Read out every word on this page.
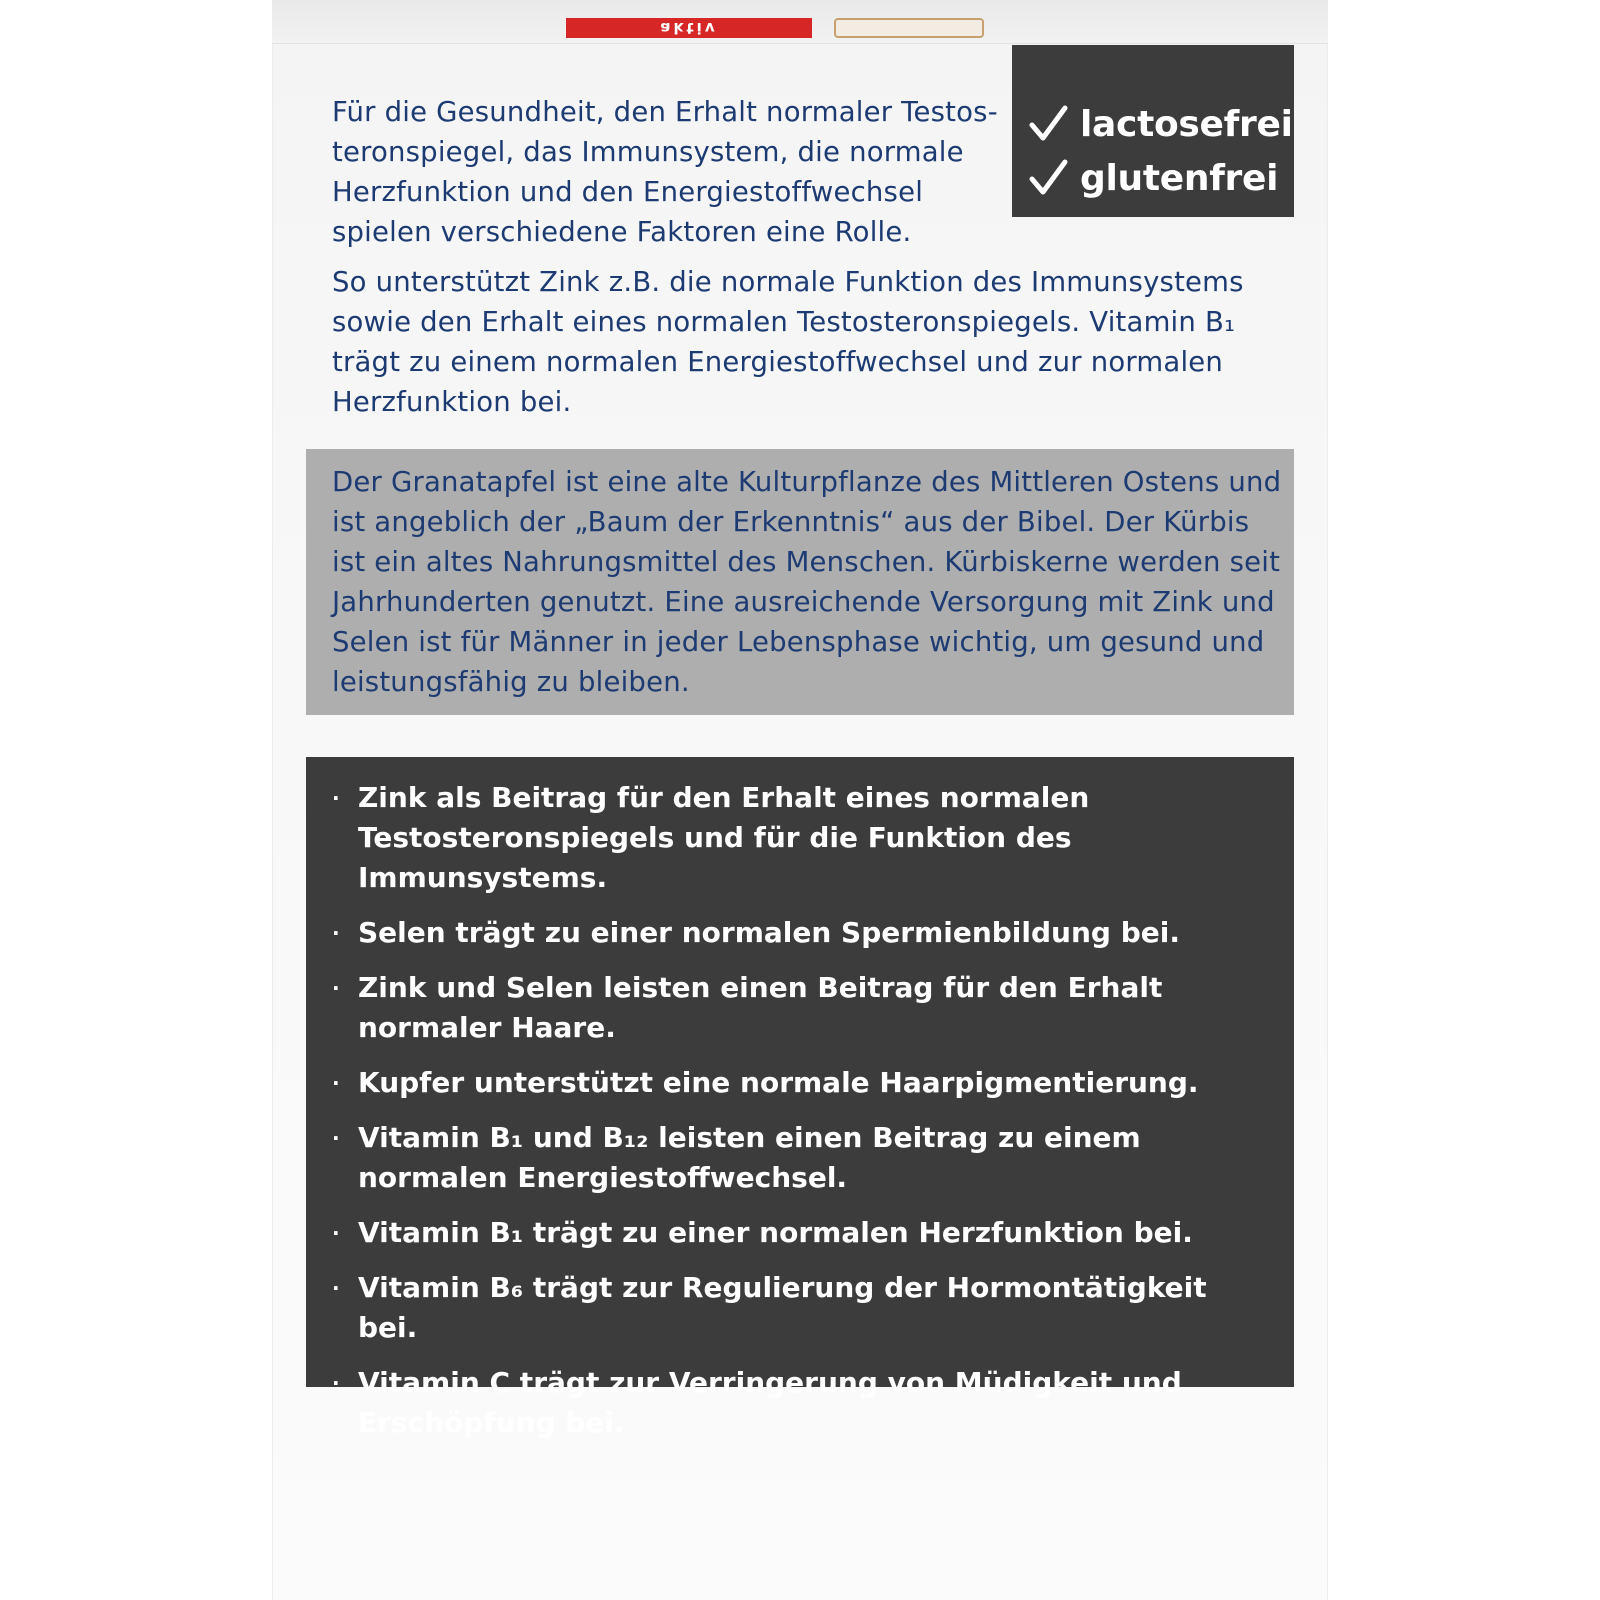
aktiv

Für die Gesundheit, den Erhalt normaler Testosteronspiegel, das Immunsystem, die normale Herzfunktion und den Energiestoffwechsel spielen verschiedene Faktoren eine Rolle.

So unterstützt Zink z.B. die normale Funktion des Immunsystems sowie den Erhalt eines normalen Testosteronspiegels. Vitamin B₁ trägt zu einem normalen Energiestoffwechsel und zur normalen Herzfunktion bei.

lactosefrei
glutenfrei

Der Granatapfel ist eine alte Kulturpflanze des Mittleren Ostens und ist angeblich der „Baum der Erkenntnis“ aus der Bibel. Der Kürbis ist ein altes Nahrungsmittel des Menschen. Kürbiskerne werden seit Jahrhunderten genutzt. Eine ausreichende Versorgung mit Zink und Selen ist für Männer in jeder Lebensphase wichtig, um gesund und leistungsfähig zu bleiben.

· Zink als Beitrag für den Erhalt eines normalen Testosteronspiegels und für die Funktion des Immunsystems.
· Selen trägt zu einer normalen Spermienbildung bei.
· Zink und Selen leisten einen Beitrag für den Erhalt normaler Haare.
· Kupfer unterstützt eine normale Haarpigmentierung.
· Vitamin B₁ und B₁₂ leisten einen Beitrag zu einem normalen Energiestoffwechsel.
· Vitamin B₁ trägt zu einer normalen Herzfunktion bei.
· Vitamin B₆ trägt zur Regulierung der Hormontätigkeit bei.
· Vitamin C trägt zur Verringerung von Müdigkeit und Erschöpfung bei.
